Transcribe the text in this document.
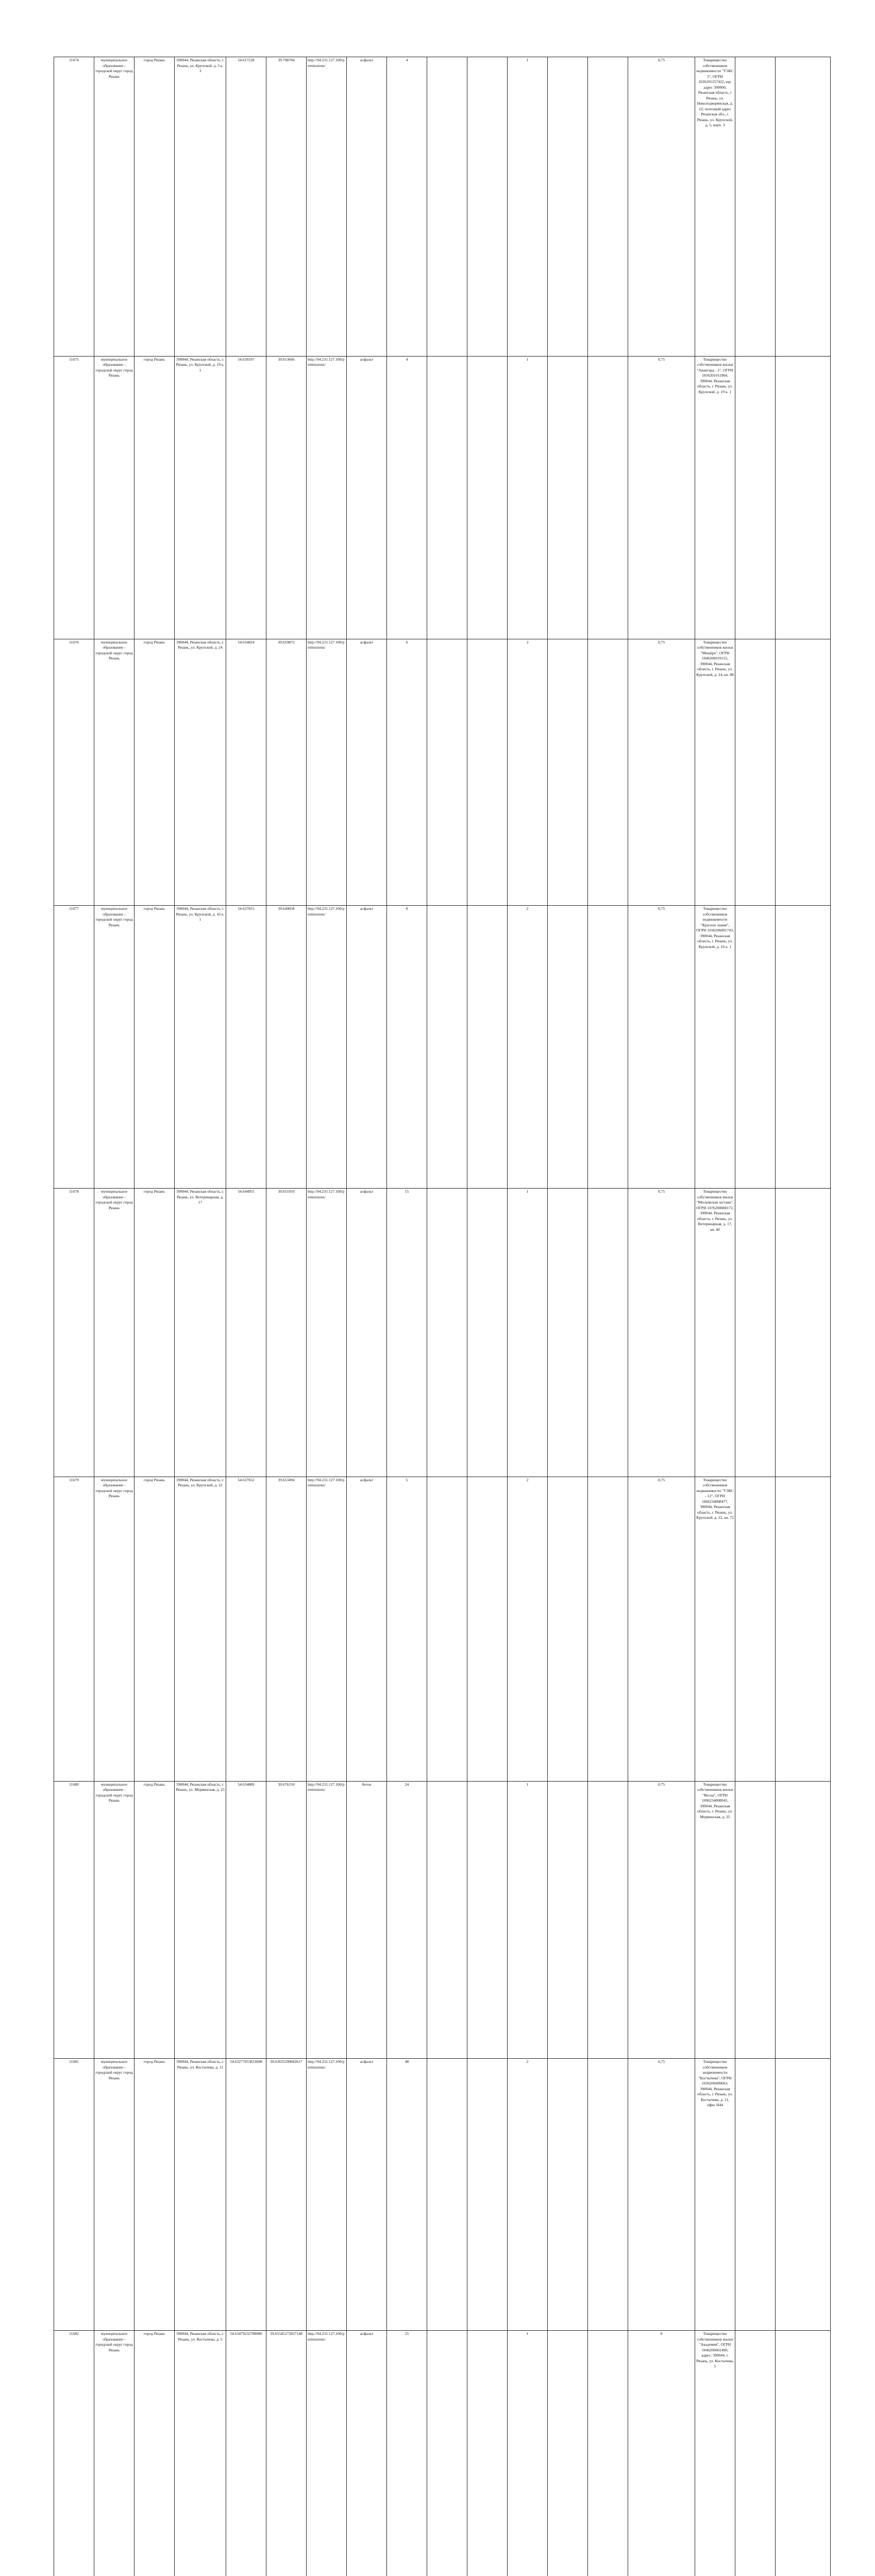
11674	муниципальное образование - городской округ город Рязань	город Рязань	390044, Рязанская область, г. Рязань, ул. Крупской, д. 5 к. 3	54.617228	39.798784	http://94.231.127.100/permissions/	асфальт	4			1			0,75	Товарищество собственников недвижимости "ТЭКС 5", ОГРН 1026201257422, юр. адрес 390000, Рязанская область, г Рязань, ул. Николодворянская, д. 22; почтовый адрес Рязанская обл., г. Рязань, ул. Крупской, д. 5, корп. 3			
11675	муниципальное образование - городской округ город Рязань	город Рязань	390044, Рязанская область, г. Рязань, ул. Крупской, д. 19 к. 1	54.639197	39.653666	http://94.231.127.100/permissions/	асфальт	4			1			0,75	Товарищество собственников жилья "Авангард - 2", ОГРН 1056201011964, 390044, Рязанская область, г. Рязань, ул. Крупской, д. 19 к. 1			
11676	муниципальное образование - городской округ город Рязань	город Рязань	390044, Рязанская область, г. Рязань, ул. Крупской, д. 24	54.634824	39.659872	http://94.231.127.100/permissions/	асфальт	6			3			0,75	Товарищество собственников жилья "Мещёра", ОГРН 1046206019155, 390044, Рязанская область, г. Рязань, ул. Крупской, д. 24, кв. 88			
11677	муниципальное образование - городской округ город Рязань	город Рязань	390044, Рязанская область, г. Рязань, ул. Крупской, д. 16 к. 1	54.637815	39.649058	http://94.231.127.100/permissions/	асфальт	8			2			0,75	Товарищество собственников недвижимости "Красное знамя", ОГРН 1036206001743, 390044, Рязанская область, г. Рязань, ул. Крупской, д. 16 к. 1			
11678	муниципальное образование - городской округ город Рязань	город Рязань	390044, Рязанская область, г. Рязань, ул. Ветеринарная, д. 17	54.644955	39.651059	http://94.231.127.100/permissions/	асфальт	15			1			0,75	Товарищество собственников жилья "Московская застава", ОГРН 1076200000172, 390044, Рязанская область, г. Рязань, ул. Ветеринарная, д. 17, кв. 40			
11679	муниципальное образование - городской округ город Рязань	город Рязань	390044, Рязанская область, г. Рязань, ул. Крупской, д. 22	54.637652	39.653494	http://94.231.127.100/permissions/	асфальт	5			2			0,75	Товарищество собственников недвижимости "ТЭКС - 12", ОГРН 1066234008477, 390044, Рязанская область, г. Рязань, ул. Крупской, д. 22, кв. 72			
11680	муниципальное образование - городской округ город Рязань	город Рязань	390044, Рязанская область, г. Рязань, ул. Мервинская, д. 25	54.634889	39.676150	http://94.231.127.100/permissions/	бетон	24			1			0,75	Товарищество собственников жилья "Весна", ОГРН 1096234008045, 390044, Рязанская область, г. Рязань, ул. Мервинская, д. 25			
11681	муниципальное образование - городской округ город Рязань	город Рязань	390044, Рязанская область, г. Рязань, ул. Костычева, д. 11	54.63277053833008	39.63635299682617	http://94.231.127.100/permissions/	асфальт	48			2			0,75	Товарищество собственников недвижимости "Костычева", ОГРН 1036206009663, 390044, Рязанская область, г. Рязань, ул. Костычева, д. 11, офис Н44			
11682	муниципальное образование - городской округ город Рязань	город Рязань	390044, Рязанская область, г. Рязань, ул. Костычева, д. 5	54.63479232788086	39.65545272827148	http://94.231.127.100/permissions/	асфальт	25			1			8	Товарищество собственников жилья "Академия", ОГРН 1046206001490, адрес: 390044, г. Рязань, ул. Костычева, 5			
